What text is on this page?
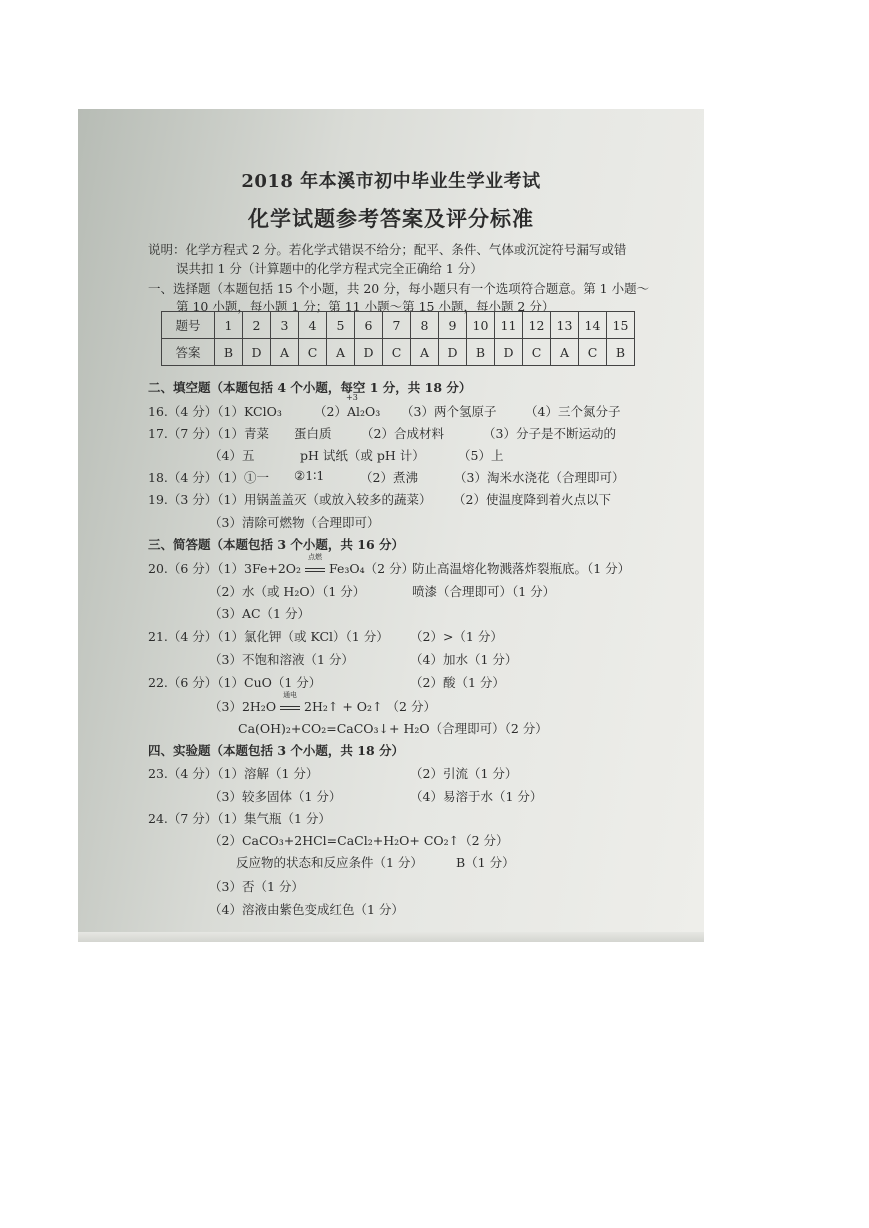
2018 年本溪市初中毕业生学业考试
化学试题参考答案及评分标准
说明：化学方程式 2 分。若化学式错误不给分；配平、条件、气体或沉淀符号漏写或错
误共扣 1 分（计算题中的化学方程式完全正确给 1 分）
一、选择题（本题包括 15 个小题，共 20 分，每小题只有一个选项符合题意。第 1 小题～
第 10 小题，每小题 1 分；第 11 小题～第 15 小题，每小题 2 分）
题号	1	2	3	4	5	6	7	8	9	10	11	12	13	14	15
答案	B	D	A	C	A	D	C	A	D	B	D	C	A	C	B
二、填空题（本题包括 4 个小题，每空 1 分，共 18 分）
16.（4 分）（1）KClO₃	（2）Al₂O₃
+3
（3）两个氢原子 （4）三个氮分子
17.（7 分）（1）青菜 蛋白质 （2）合成材料	（3）分子是不断运动的
（4）五	pH 试纸（或 pH 计）	（5）上
18.（4 分）（1）①一 ②1∶1	（2）煮沸	（3）淘米水浇花（合理即可）
19.（3 分）（1）用锅盖盖灭（或放入较多的蔬菜） （2）使温度降到着火点以下
（3）清除可燃物（合理即可）
三、简答题（本题包括 3 个小题，共 16 分）
20.（6 分）（1）3Fe+2O₂
点燃
Fe₃O₄（2 分）
防止高温熔化物溅落炸裂瓶底。（1 分）
（2）水（或 H₂O）（1 分）	喷漆（合理即可）（1 分）
（3）AC（1 分）
21.（4 分）（1）氯化钾（或 KCl）（1 分） （2）>（1 分）
（3）不饱和溶液（1 分）	（4）加水（1 分）
22.（6 分）（1）CuO（1 分）	（2）酸（1 分）
（3）2H₂O
通电
2H₂↑ + O₂↑ （2 分）
Ca(OH)₂+CO₂=CaCO₃↓+ H₂O（合理即可）（2 分）
四、实验题（本题包括 3 个小题，共 18 分）
23.（4 分）（1）溶解（1 分）	（2）引流（1 分）
（3）较多固体（1 分）	（4）易溶于水（1 分）
24.（7 分）（1）集气瓶（1 分）
（2）CaCO₃+2HCl=CaCl₂+H₂O+ CO₂↑（2 分）
反应物的状态和反应条件（1 分）	B（1 分）
（3）否（1 分）
（4）溶液由紫色变成红色（1 分）
